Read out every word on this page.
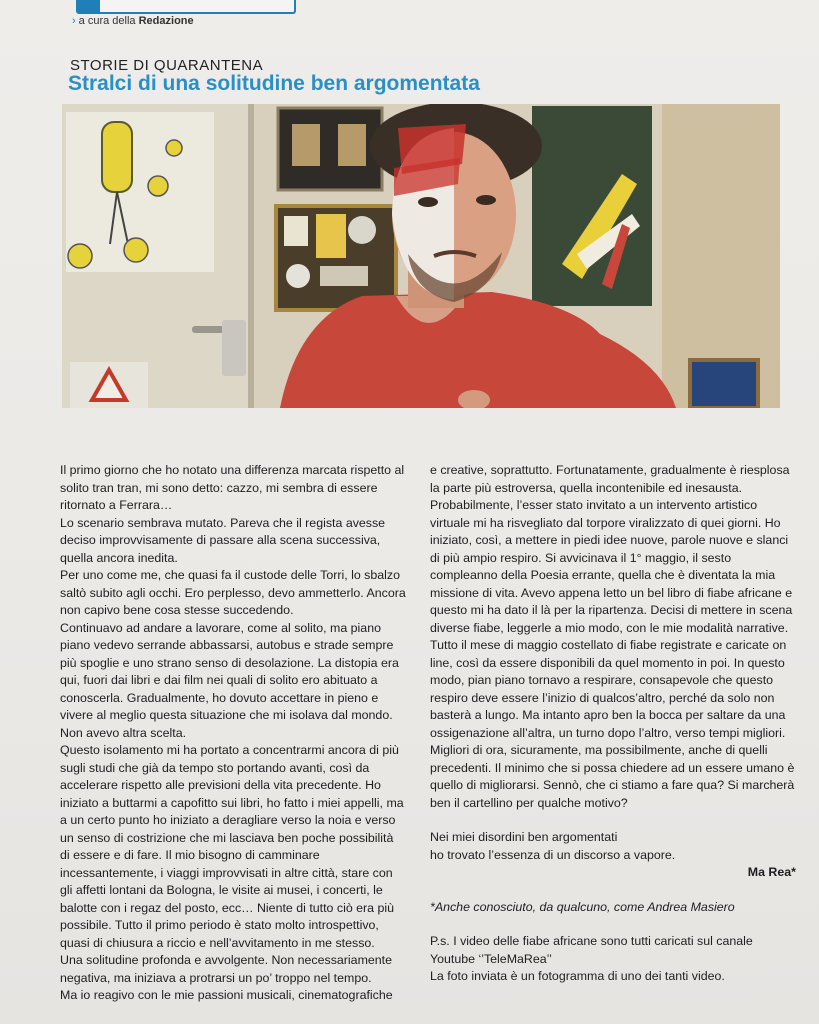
› a cura della Redazione
STORIE DI QUARANTENA
Stralci di una solitudine ben argomentata

Il primo giorno che ho notato una differenza marcata rispetto al solito tran tran, mi sono detto: cazzo, mi sembra di essere ritornato a Ferrara…

Lo scenario sembrava mutato. Pareva che il regista avesse deciso improvvisamente di passare alla scena successiva, quella ancora inedita.

Per uno come me, che quasi fa il custode delle Torri, lo sbalzo saltò subito agli occhi. Ero perplesso, devo ammetterlo. Ancora non capivo bene cosa stesse succedendo.

Continuavo ad andare a lavorare, come al solito, ma piano piano vedevo serrande abbassarsi, autobus e strade sempre più spoglie e uno strano senso di desolazione. La distopia era qui, fuori dai libri e dai film nei quali di solito ero abituato a conoscerla. Gradualmente, ho dovuto accettare in pieno e vivere al meglio questa situazione che mi isolava dal mondo. Non avevo altra scelta.

Questo isolamento mi ha portato a concentrarmi ancora di più sugli studi che già da tempo sto portando avanti, così da accelerare rispetto alle previsioni della vita precedente. Ho iniziato a buttarmi a capofitto sui libri, ho fatto i miei appelli, ma a un certo punto ho iniziato a deragliare verso la noia e verso un senso di costrizione che mi lasciava ben poche possibilità di essere e di fare. Il mio bisogno di camminare incessantemente, i viaggi improvvisati in altre città, stare con gli affetti lontani da Bologna, le visite ai musei, i concerti, le balotte con i regaz del posto, ecc… Niente di tutto ciò era più possibile. Tutto il primo periodo è stato molto introspettivo, quasi di chiusura a riccio e nell’avvitamento in me stesso.

Una solitudine profonda e avvolgente. Non necessariamente negativa, ma iniziava a protrarsi un po’ troppo nel tempo.

Ma io reagivo con le mie passioni musicali, cinematografiche

e creative, soprattutto. Fortunatamente, gradualmente è riesplosa la parte più estroversa, quella incontenibile ed inesausta. Probabilmente, l’esser stato invitato a un intervento artistico virtuale mi ha risvegliato dal torpore viralizzato di quei giorni. Ho iniziato, così, a mettere in piedi idee nuove, parole nuove e slanci di più ampio respiro. Si avvicinava il 1° maggio, il sesto compleanno della Poesia errante, quella che è diventata la mia missione di vita. Avevo appena letto un bel libro di fiabe africane e questo mi ha dato il là per la ripartenza. Decisi di mettere in scena diverse fiabe, leggerle a mio modo, con le mie modalità narrative. Tutto il mese di maggio costellato di fiabe registrate e caricate on line, così da essere disponibili da quel momento in poi. In questo modo, pian piano tornavo a respirare, consapevole che questo respiro deve essere l’inizio di qualcos’altro, perché da solo non basterà a lungo. Ma intanto apro ben la bocca per saltare da una ossigenazione all’altra, un turno dopo l’altro, verso tempi migliori. Migliori di ora, sicuramente, ma possibilmente, anche di quelli precedenti. Il minimo che si possa chiedere ad un essere umano è quello di migliorarsi. Sennò, che ci stiamo a fare qua? Si marcherà ben il cartellino per qualche motivo?

Nei miei disordini ben argomentati

ho trovato l’essenza di un discorso a vapore.

Ma Rea*

*Anche conosciuto, da qualcuno, come Andrea Masiero

P.s. I video delle fiabe africane sono tutti caricati sul canale

Youtube ‘’TeleMaRea’’

La foto inviata è un fotogramma di uno dei tanti video.
